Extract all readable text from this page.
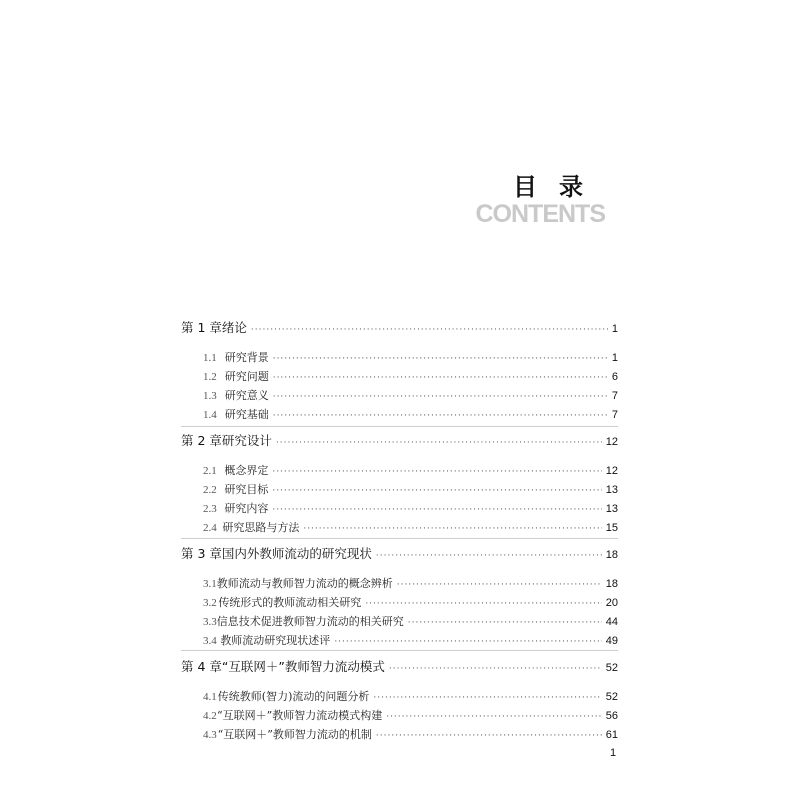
目录
CONTENTS
第 1 章 绪论 ·····	1
1.1 研究背景 ·····	1
1.2 研究问题 ·····	6
1.3 研究意义 ·····	7
1.4 研究基础 ·····	7
第 2 章 研究设计 ·····	12
2.1 概念界定 ·····	12
2.2 研究目标 ·····	13
2.3 研究内容 ·····	13
2.4 研究思路与方法 ·····	15
第 3 章 国内外教师流动的研究现状 ·····	18
3.1 教师流动与教师智力流动的概念辨析 ·····	18
3.2 传统形式的教师流动相关研究 ·····	20
3.3 信息技术促进教师智力流动的相关研究 ·····	44
3.4 教师流动研究现状述评 ·····	49
第 4 章 “互联网＋”教师智力流动模式 ·····	52
4.1 传统教师(智力)流动的问题分析 ·····	52
4.2 “互联网＋”教师智力流动模式构建 ·····	56
4.3 “互联网＋”教师智力流动的机制 ·····	61
1
